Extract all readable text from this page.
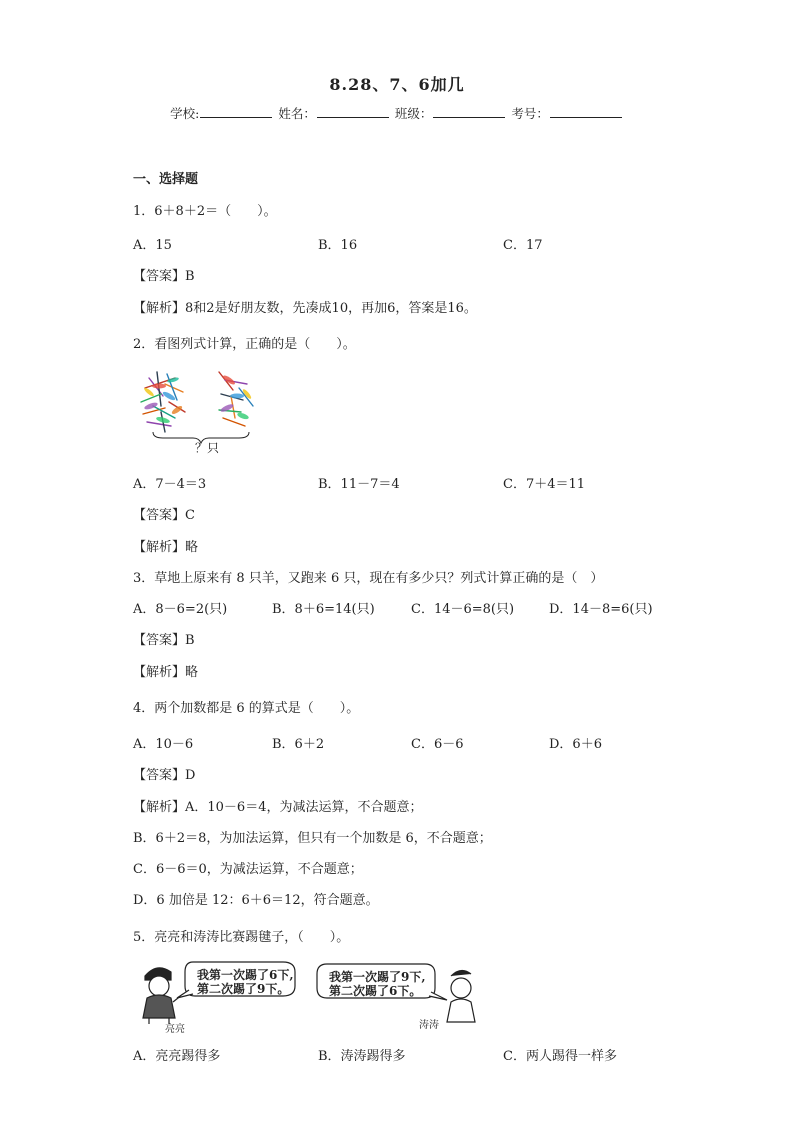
8.28、7、6加几
学校:	姓名：	班级：	考号：
一、选择题
1．6＋8＋2＝（　　）。
A．15	B．16	C．17
【答案】B
【解析】8和2是好朋友数，先凑成10，再加6，答案是16。
2．看图列式计算，正确的是（　　）。
？只
A．7－4＝3	B．11－7＝4	C．7＋4＝11
【答案】C
【解析】略
3．草地上原来有 8 只羊，又跑来 6 只，现在有多少只？列式计算正确的是（　）
A．8－6=2(只)	B．8＋6=14(只)	C．14－6=8(只)	D．14－8=6(只)
【答案】B
【解析】略
4．两个加数都是 6 的算式是（　　）。
A．10－6	B．6＋2	C．6－6	D．6＋6
【答案】D
【解析】A．10－6＝4，为减法运算，不合题意；
B．6＋2＝8，为加法运算，但只有一个加数是 6，不合题意；
C．6－6＝0，为减法运算，不合题意；
D．6 加倍是 12：6＋6＝12，符合题意。
5．亮亮和涛涛比赛踢毽子，（　　）。
我第一次踢了6下,
第二次踢了9下。
我第一次踢了9下,
第二次踢了6下。
亮亮	涛涛
A．亮亮踢得多	B．涛涛踢得多	C．两人踢得一样多
